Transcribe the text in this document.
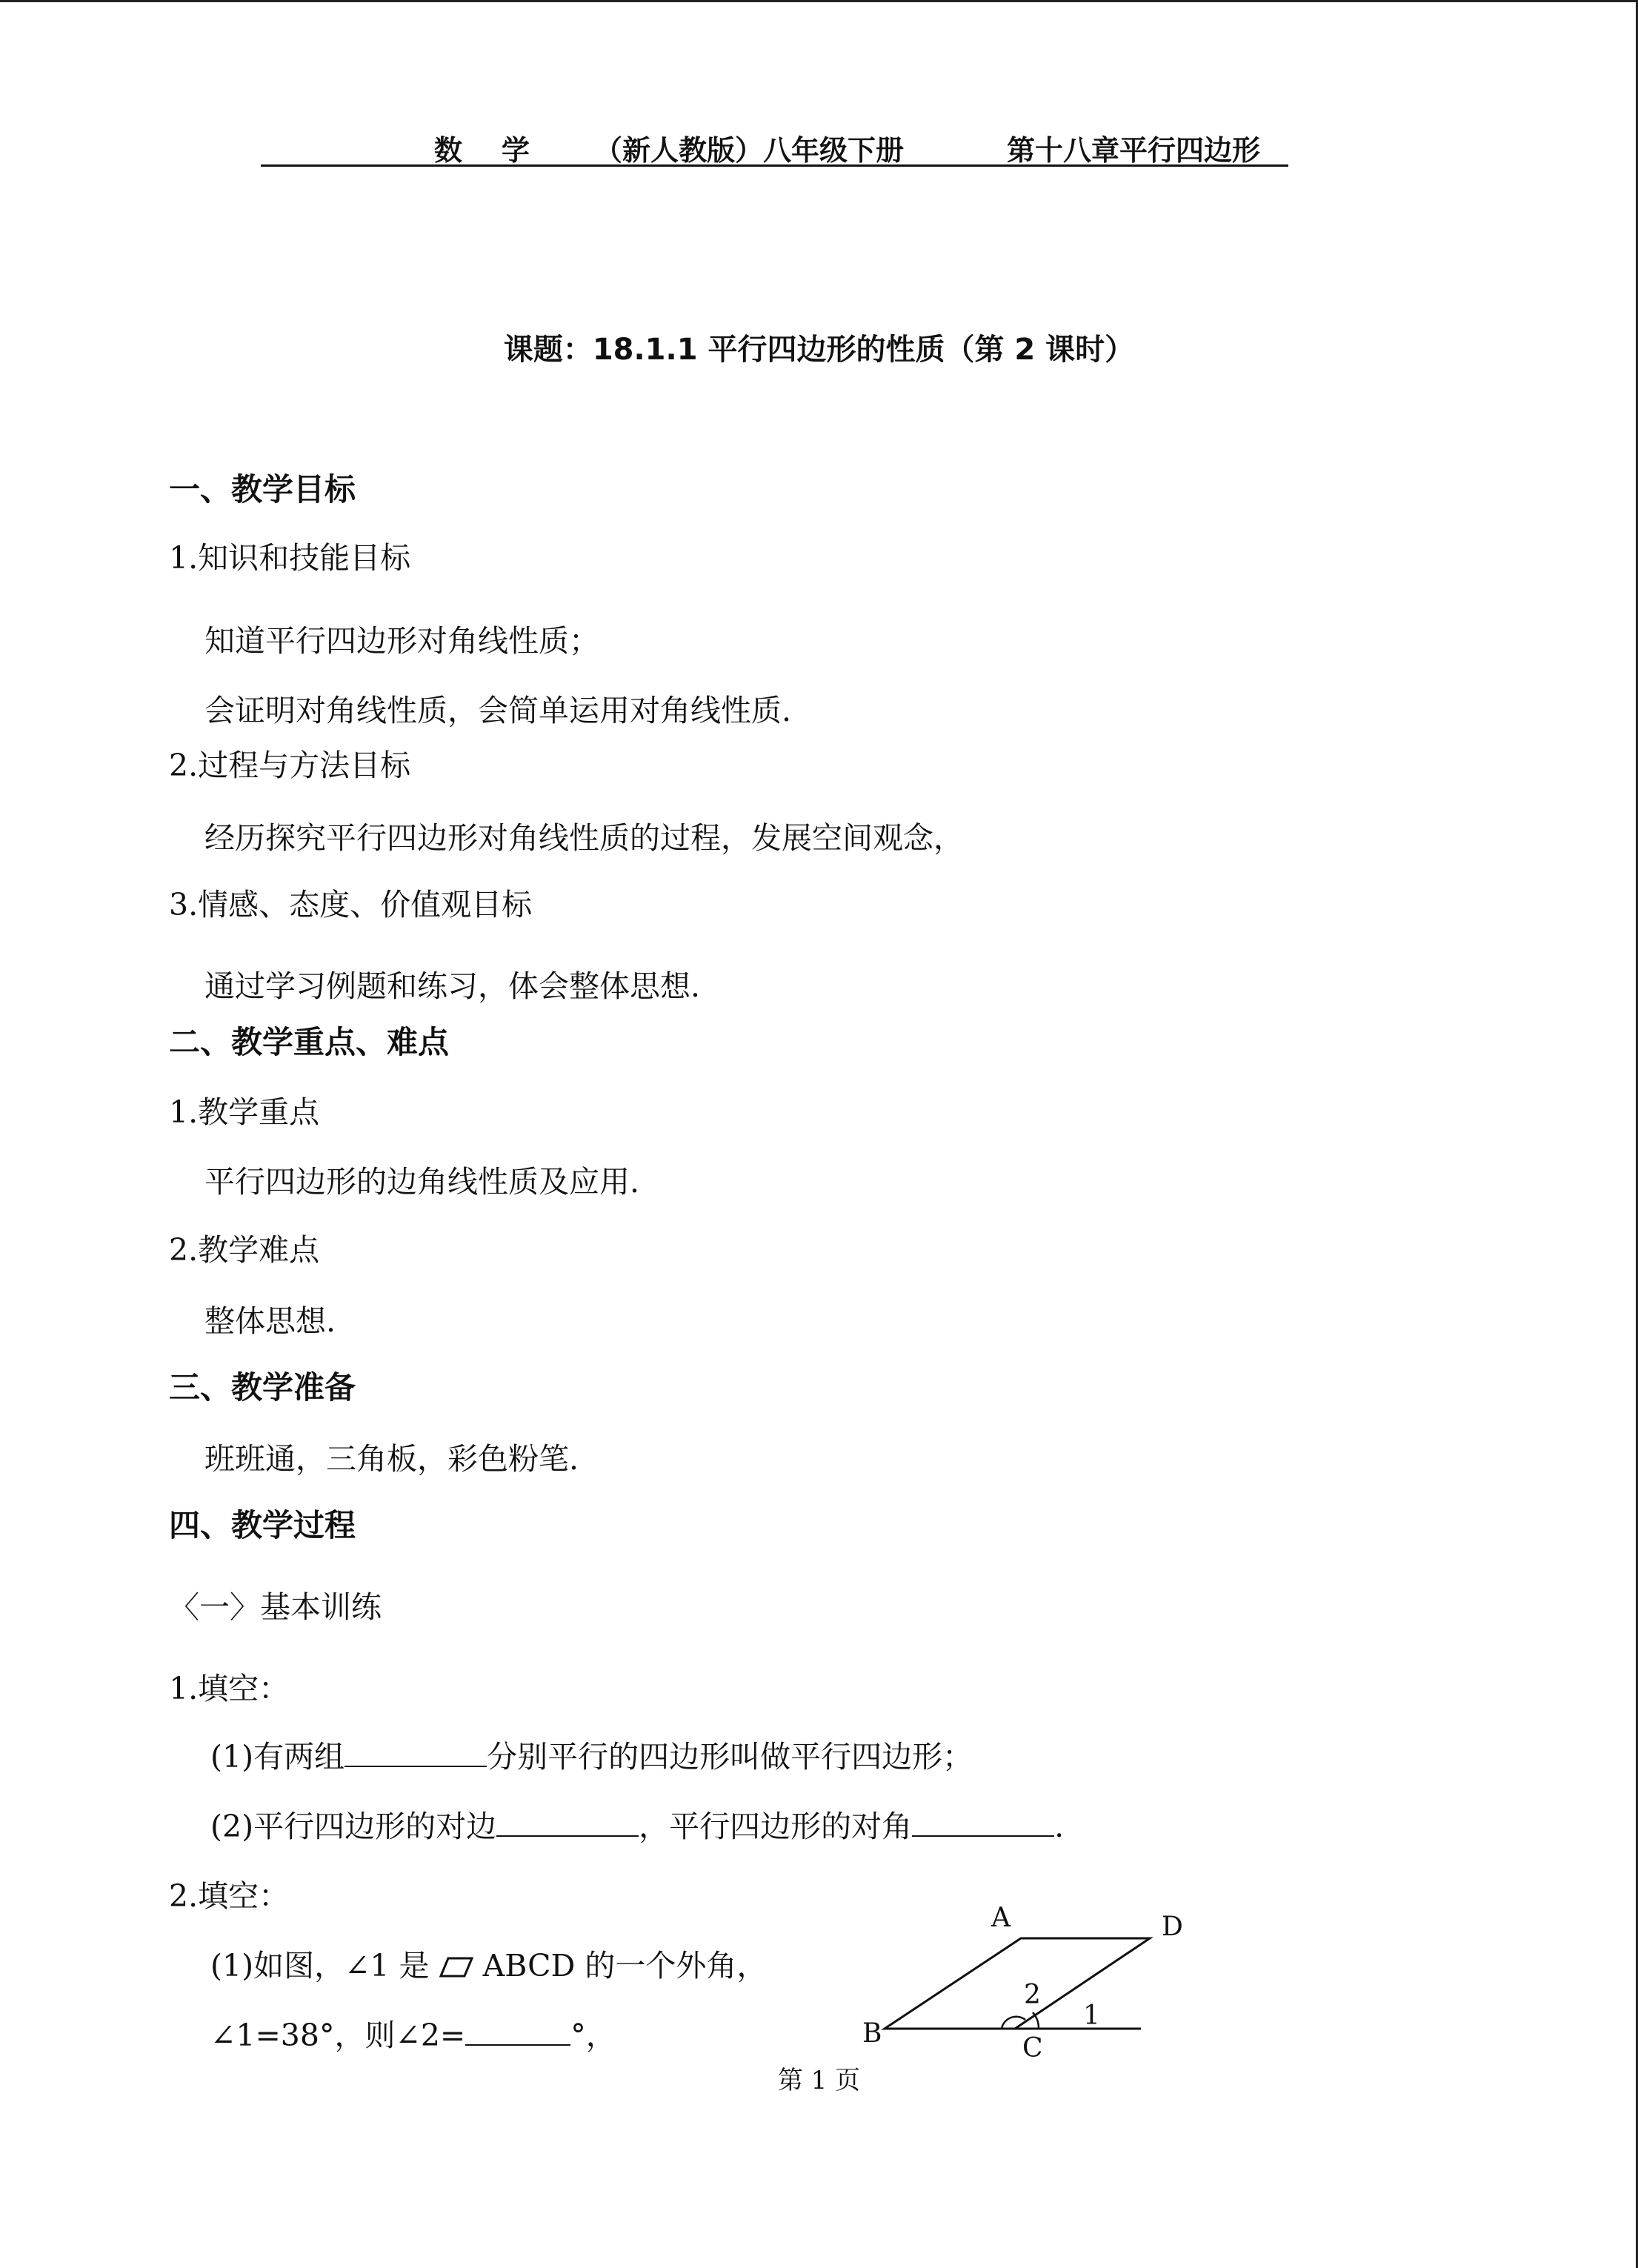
数    学 （新人教版）八年级下册	第十八章平行四边形
课题：18.1.1 平行四边形的性质（第 2 课时）
一、教学目标
1.知识和技能目标
知道平行四边形对角线性质；
会证明对角线性质，会简单运用对角线性质.
2.过程与方法目标
经历探究平行四边形对角线性质的过程，发展空间观念，
3.情感、态度、价值观目标
通过学习例题和练习，体会整体思想.
二、教学重点、难点
1.教学重点
平行四边形的边角线性质及应用.
2.教学难点
整体思想.
三、教学准备
班班通，三角板，彩色粉笔.
四、教学过程
〈一〉基本训练
1.填空：
(1)有两组	分别平行的四边形叫做平行四边形；
(2)平行四边形的对边	，平行四边形的对角	.
2.填空：
(1)如图，∠1 是 ABCD 的一个外角，
∠1=38°，则∠2=	°，
A	D
B	C
2
1
第 1 页
